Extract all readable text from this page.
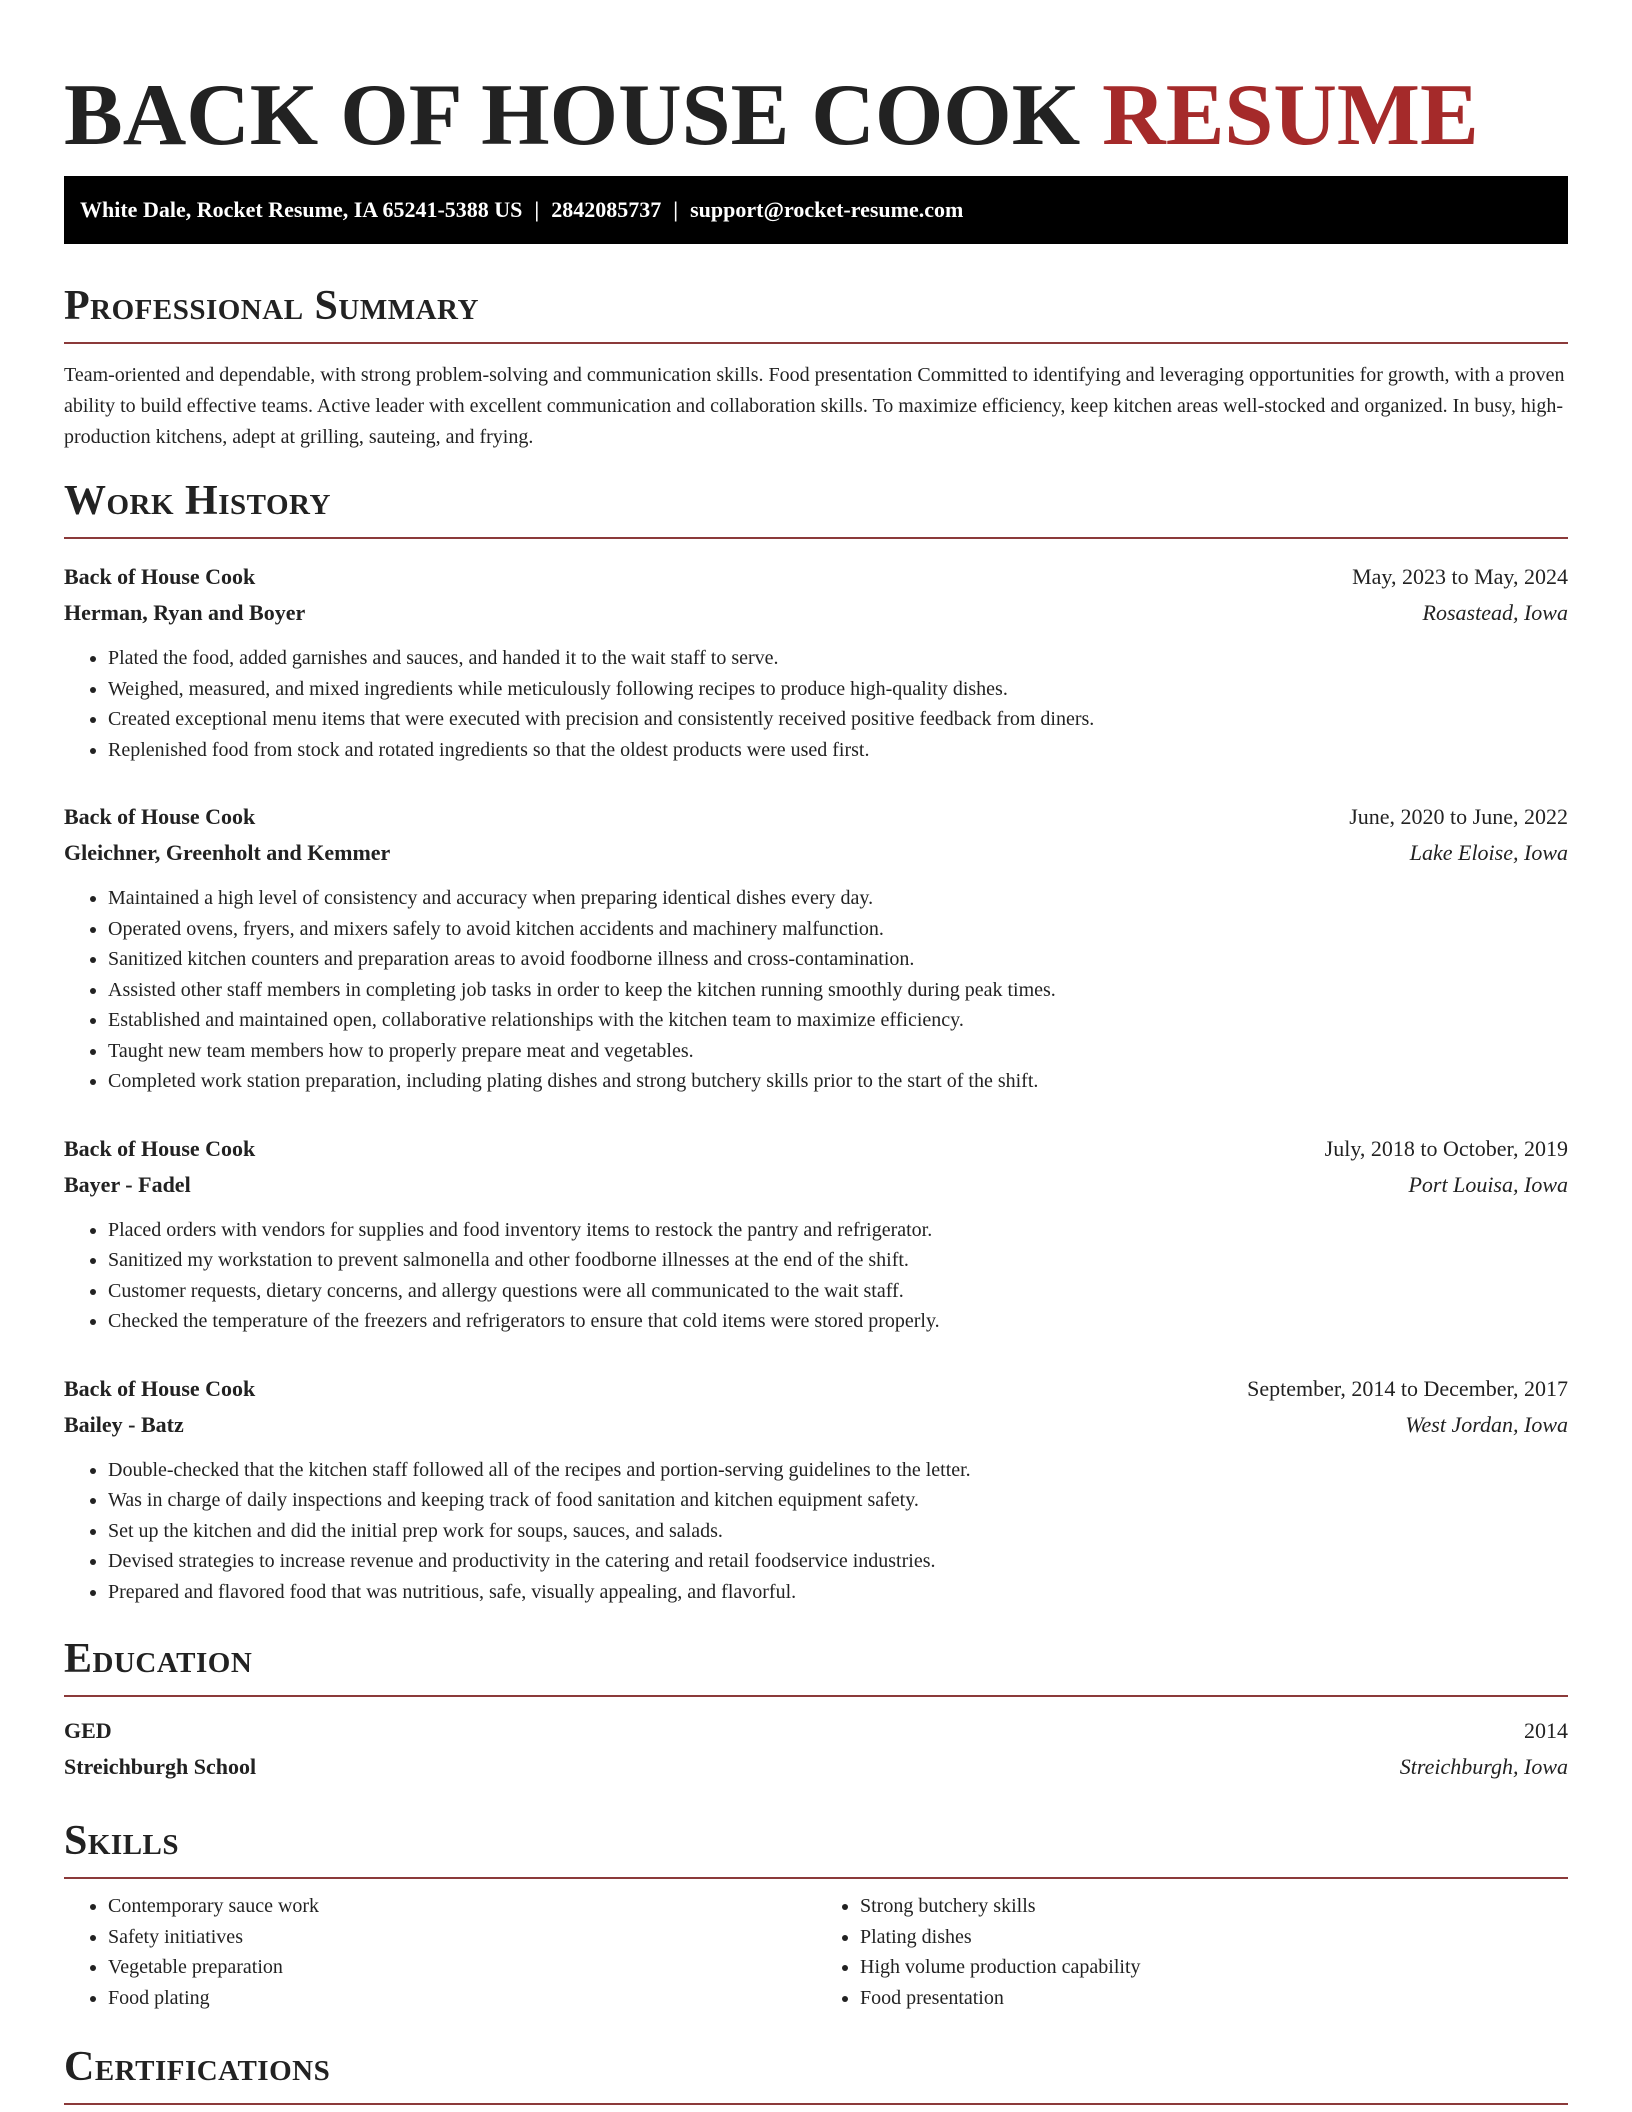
BACK OF HOUSE COOK RESUME
White Dale, Rocket Resume, IA 65241-5388 US | 2842085737 | support@rocket-resume.com
Professional Summary

Team-oriented and dependable, with strong problem-solving and communication skills. Food presentation Committed to identifying and leveraging opportunities for growth, with a proven ability to build effective teams. Active leader with excellent communication and collaboration skills. To maximize efficiency, keep kitchen areas well-stocked and organized. In busy, high-production kitchens, adept at grilling, sauteing, and frying.

Work History
Back of House Cook	May, 2023 to May, 2024
Herman, Ryan and Boyer	Rosastead, Iowa
• Plated the food, added garnishes and sauces, and handed it to the wait staff to serve.
• Weighed, measured, and mixed ingredients while meticulously following recipes to produce high-quality dishes.
• Created exceptional menu items that were executed with precision and consistently received positive feedback from diners.
• Replenished food from stock and rotated ingredients so that the oldest products were used first.
Back of House Cook	June, 2020 to June, 2022
Gleichner, Greenholt and Kemmer	Lake Eloise, Iowa
• Maintained a high level of consistency and accuracy when preparing identical dishes every day.
• Operated ovens, fryers, and mixers safely to avoid kitchen accidents and machinery malfunction.
• Sanitized kitchen counters and preparation areas to avoid foodborne illness and cross-contamination.
• Assisted other staff members in completing job tasks in order to keep the kitchen running smoothly during peak times.
• Established and maintained open, collaborative relationships with the kitchen team to maximize efficiency.
• Taught new team members how to properly prepare meat and vegetables.
• Completed work station preparation, including plating dishes and strong butchery skills prior to the start of the shift.
Back of House Cook	July, 2018 to October, 2019
Bayer - Fadel	Port Louisa, Iowa
• Placed orders with vendors for supplies and food inventory items to restock the pantry and refrigerator.
• Sanitized my workstation to prevent salmonella and other foodborne illnesses at the end of the shift.
• Customer requests, dietary concerns, and allergy questions were all communicated to the wait staff.
• Checked the temperature of the freezers and refrigerators to ensure that cold items were stored properly.
Back of House Cook	September, 2014 to December, 2017
Bailey - Batz	West Jordan, Iowa
• Double-checked that the kitchen staff followed all of the recipes and portion-serving guidelines to the letter.
• Was in charge of daily inspections and keeping track of food sanitation and kitchen equipment safety.
• Set up the kitchen and did the initial prep work for soups, sauces, and salads.
• Devised strategies to increase revenue and productivity in the catering and retail foodservice industries.
• Prepared and flavored food that was nutritious, safe, visually appealing, and flavorful.
Education
GED	2014
Streichburgh School	Streichburgh, Iowa
Skills
• Contemporary sauce work
• Safety initiatives
• Vegetable preparation
• Food plating
• Strong butchery skills
• Plating dishes
• High volume production capability
• Food presentation
Certifications
